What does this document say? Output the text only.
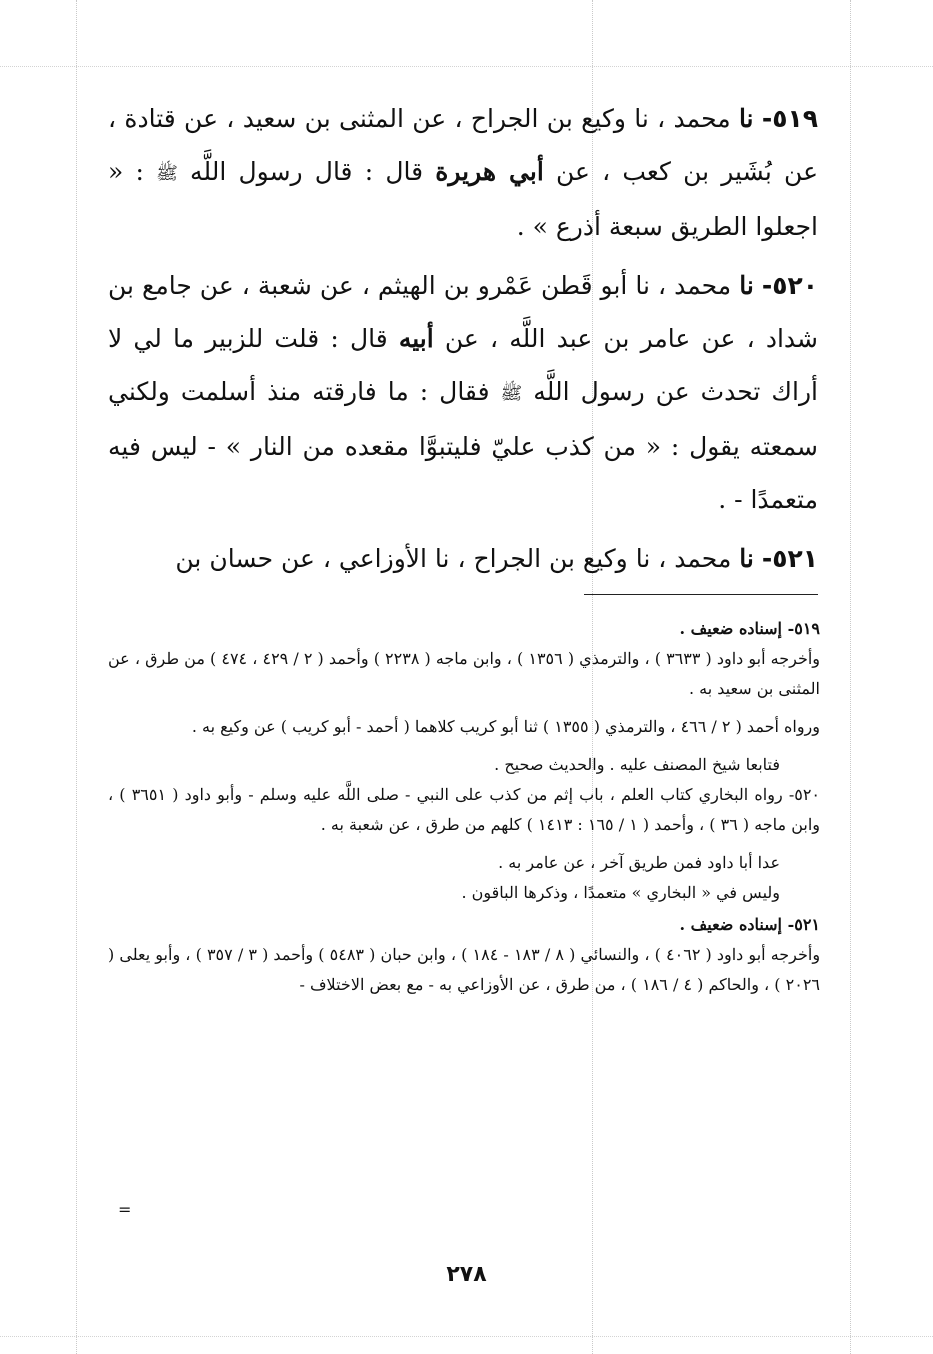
٥١٩- نا محمد ، نا وكيع بن الجراح ، عن المثنى بن سعيد ، عن قتادة ، عن بُشَير بن كعب ، عن أبي هريرة قال : قال رسول اللَّه ﷺ : « اجعلوا الطريق سبعة أذرع » .

٥٢٠- نا محمد ، نا أبو قَطن عَمْرو بن الهيثم ، عن شعبة ، عن جامع بن شداد ، عن عامر بن عبد اللَّه ، عن أبيه قال : قلت للزبير ما لي لا أراك تحدث عن رسول اللَّه ﷺ فقال : ما فارقته منذ أسلمت ولكني سمعته يقول : « من كذب عليّ فليتبوَّا مقعده من النار » - ليس فيه متعمدًا - .

٥٢١- نا محمد ، نا وكيع بن الجراح ، نا الأوزاعي ، عن حسان بن

٥١٩- إسناده ضعيف .

وأخرجه أبو داود ( ٣٦٣٣ ) ، والترمذي ( ١٣٥٦ ) ، وابن ماجه ( ٢٢٣٨ ) وأحمد ( ٢ / ٤٢٩ ، ٤٧٤ ) من طرق ، عن المثنى بن سعيد به .

ورواه أحمد ( ٢ / ٤٦٦ ، والترمذي ( ١٣٥٥ ) ثنا أبو كريب كلاهما ( أحمد - أبو كريب ) عن وكيع به .

فتابعا شيخ المصنف عليه . والحديث صحيح .

٥٢٠- رواه البخاري كتاب العلم ، باب إثم من كذب على النبي - صلى اللَّه عليه وسلم - وأبو داود ( ٣٦٥١ ) ، وابن ماجه ( ٣٦ ) ، وأحمد ( ١ / ١٦٥ : ١٤١٣ ) كلهم من طرق ، عن شعبة به .

عدا أبا داود فمن طريق آخر ، عن عامر به .

وليس في « البخاري » متعمدًا ، وذكرها الباقون .

٥٢١- إسناده ضعيف .

وأخرجه أبو داود ( ٤٠٦٢ ) ، والنسائي ( ٨ / ١٨٣ - ١٨٤ ) ، وابن حبان ( ٥٤٨٣ ) وأحمد ( ٣ / ٣٥٧ ) ، وأبو يعلى ( ٢٠٢٦ ) ، والحاكم ( ٤ / ١٨٦ ) ، من طرق ، عن الأوزاعي به - مع بعض الاختلاف -

=
٢٧٨
